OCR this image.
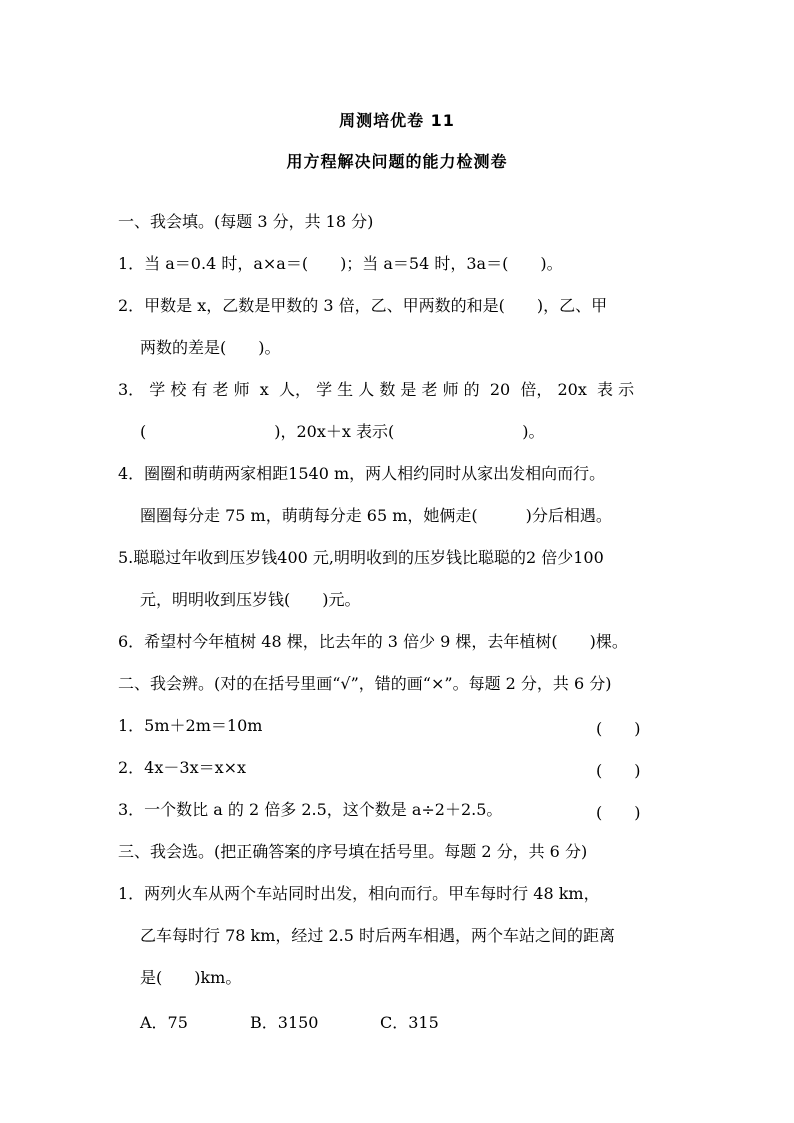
周测培优卷 11
用方程解决问题的能力检测卷
一、我会填。(每题 3 分，共 18 分)
1．当 a＝0.4 时，a×a＝(　　)；当 a＝54 时，3a＝(　　)。
2．甲数是 x，乙数是甲数的 3 倍，乙、甲两数的和是(　　)，乙、甲
两数的差是(　　)。
3． 学 校 有 老 师  x  人， 学 生 人 数 是 老 师 的  20  倍， 20x  表 示
(　　　　　　　　)，20x＋x 表示(　　　　　　　　)。
4．圈圈和萌萌两家相距1540 m，两人相约同时从家出发相向而行。
圈圈每分走 75 m，萌萌每分走 65 m，她俩走(　　　)分后相遇。
5.聪聪过年收到压岁钱400 元,明明收到的压岁钱比聪聪的2 倍少100
元，明明收到压岁钱(　　)元。
6．希望村今年植树 48 棵，比去年的 3 倍少 9 棵，去年植树(　　)棵。
二、我会辨。(对的在括号里画“√”，错的画“×”。每题 2 分，共 6 分)
1．5m＋2m＝10m	(　　)
2．4x－3x＝x×x	(　　)
3．一个数比 a 的 2 倍多 2.5，这个数是 a÷2＋2.5。	(　　)
三、我会选。(把正确答案的序号填在括号里。每题 2 分，共 6 分)
1．两列火车从两个车站同时出发，相向而行。甲车每时行 48 km，
乙车每时行 78 km，经过 2.5 时后两车相遇，两个车站之间的距离
是(　　)km。
A．75	B．3150	C．315
